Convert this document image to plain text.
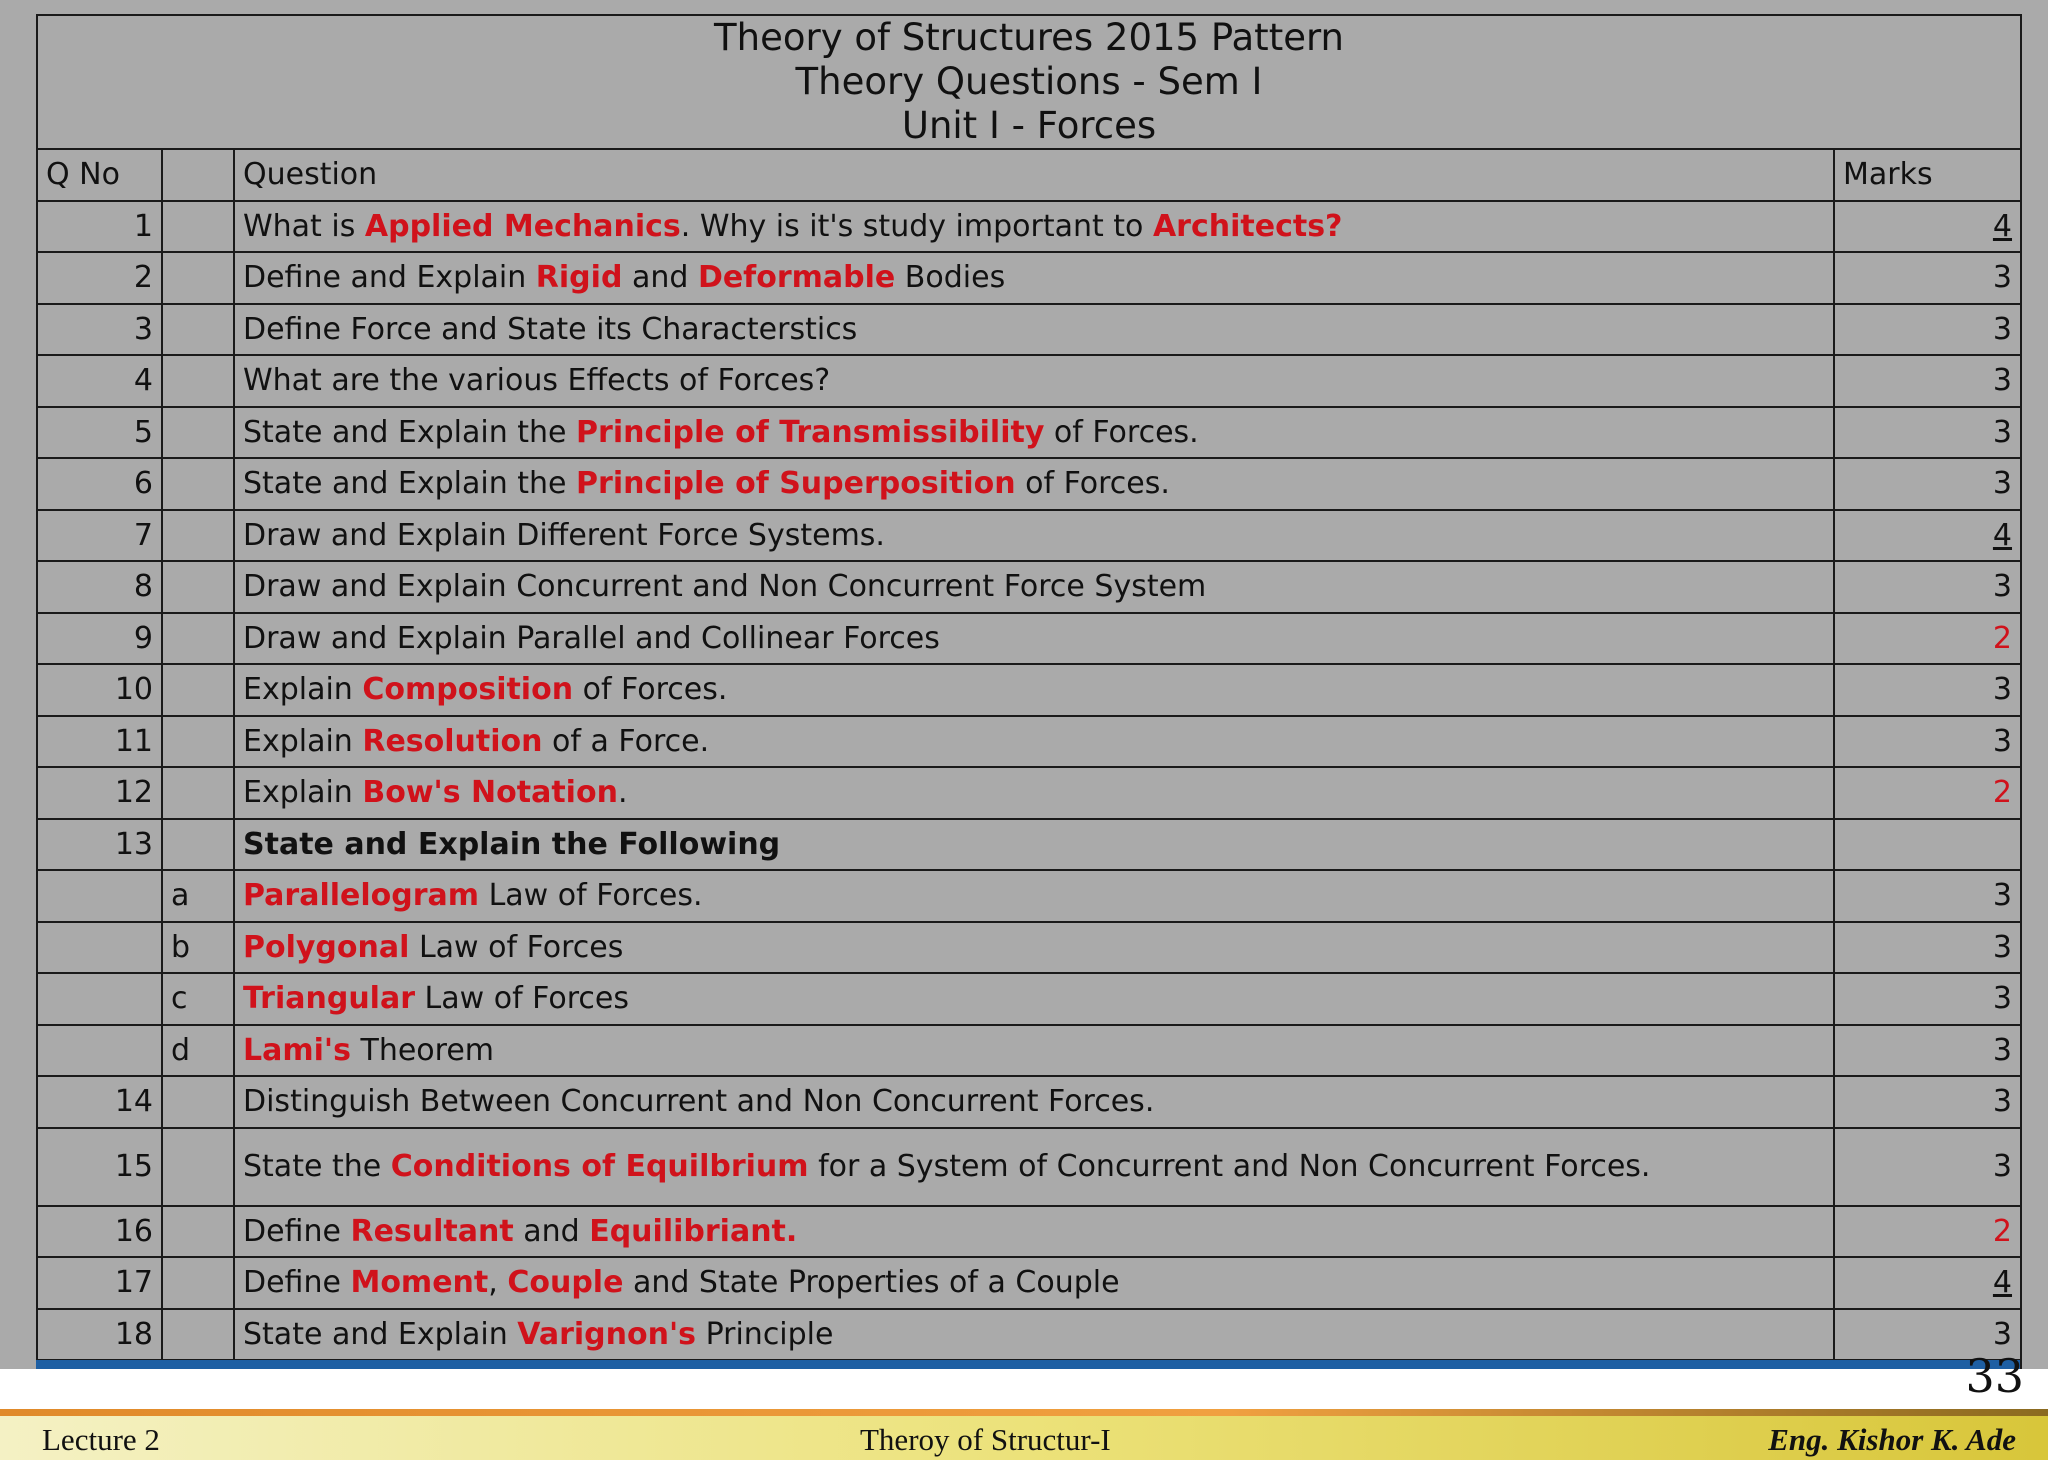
Theory of Structures 2015 Pattern
Theory Questions - Sem I
Unit I - Forces			

Q No		Question	Marks
1		What is Applied Mechanics. Why is it's study important to Architects?	4
2		Define and Explain Rigid and Deformable Bodies	3
3		Define Force and State its Characterstics	3
4		What are the various Effects of Forces?	3
5		State and Explain the Principle of Transmissibility of Forces.	3
6		State and Explain the Principle of Superposition of Forces.	3
7		Draw and Explain Different Force Systems.	4
8		Draw and Explain Concurrent and Non Concurrent Force System	3
9		Draw and Explain Parallel and Collinear Forces	2
10		Explain Composition of Forces.	3
11		Explain Resolution of a Force.	3
12		Explain Bow's Notation.	2
13		State and Explain the Following	
	a	Parallelogram Law of Forces.	3
	b	Polygonal Law of Forces	3
	c	Triangular Law of Forces	3
	d	Lami's Theorem	3
14		Distinguish Between Concurrent and Non Concurrent Forces.	3
15		State the Conditions of Equilbrium for a System of Concurrent and Non Concurrent Forces.	3
16		Define Resultant and Equilibriant.	2
17		Define Moment, Couple and State Properties of a Couple	4
18		State and Explain Varignon's Principle	3

33
Lecture 2	Theroy of Structur-I	Eng. Kishor K. Ade
